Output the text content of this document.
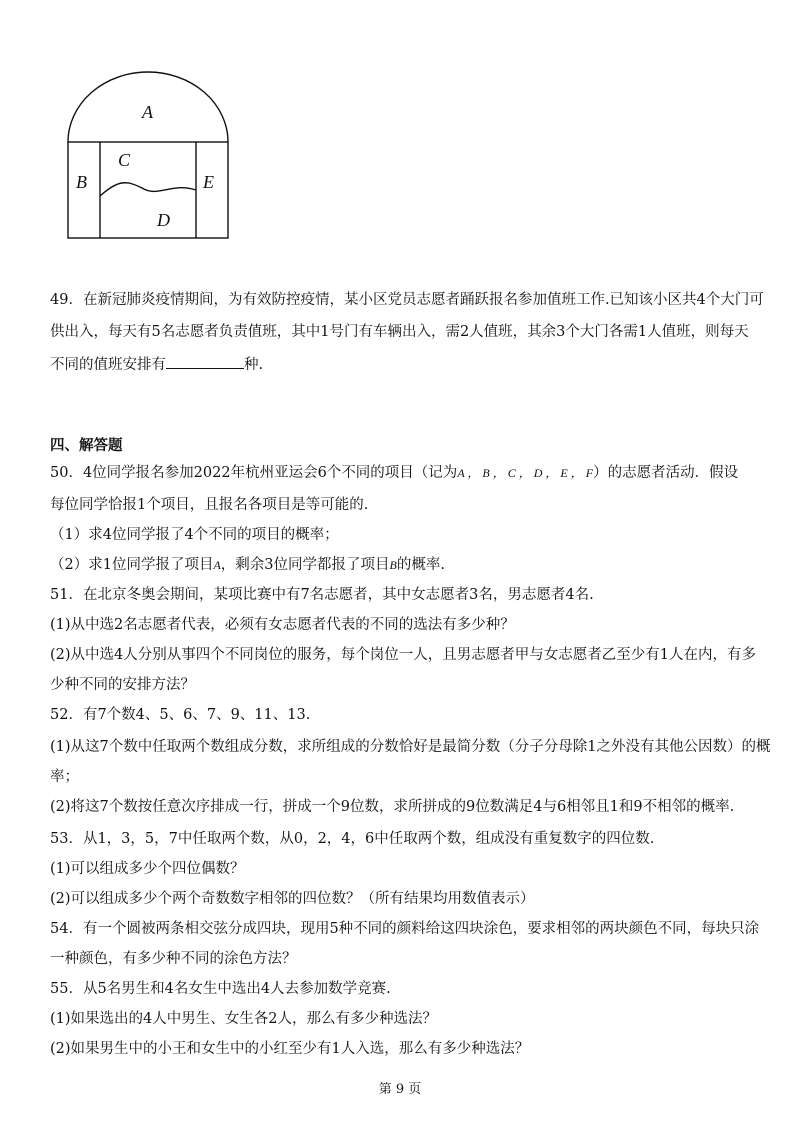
A
B
C
D
E
49．在新冠肺炎疫情期间，为有效防控疫情，某小区党员志愿者踊跃报名参加值班工作.已知该小区共4个大门可
供出入，每天有5名志愿者负责值班，其中1号门有车辆出入，需2人值班，其余3个大门各需1人值班，则每天
不同的值班安排有	种.
四、解答题
50．4位同学报名参加2022年杭州亚运会6个不同的项目（记为A ， B ， C ， D ， E ， F）的志愿者活动．假设
每位同学恰报1个项目，且报名各项目是等可能的.
（1）求4位同学报了4个不同的项目的概率；
（2）求1位同学报了项目A，剩余3位同学都报了项目B的概率.
51．在北京冬奥会期间，某项比赛中有7名志愿者，其中女志愿者3名，男志愿者4名.
(1)从中选2名志愿者代表，必须有女志愿者代表的不同的选法有多少种？
(2)从中选4人分别从事四个不同岗位的服务，每个岗位一人，且男志愿者甲与女志愿者乙至少有1人在内，有多
少种不同的安排方法？
52．有7个数4、5、6、7、9、11、13.
(1)从这7个数中任取两个数组成分数，求所组成的分数恰好是最简分数（分子分母除1之外没有其他公因数）的概
率；
(2)将这7个数按任意次序排成一行，拼成一个9位数，求所拼成的9位数满足4与6相邻且1和9不相邻的概率.
53．从1，3，5，7中任取两个数，从0，2，4，6中任取两个数，组成没有重复数字的四位数.
(1)可以组成多少个四位偶数？
(2)可以组成多少个两个奇数数字相邻的四位数？（所有结果均用数值表示）
54．有一个圆被两条相交弦分成四块，现用5种不同的颜料给这四块涂色，要求相邻的两块颜色不同，每块只涂
一种颜色，有多少种不同的涂色方法？
55．从5名男生和4名女生中选出4人去参加数学竞赛.
(1)如果选出的4人中男生、女生各2人，那么有多少种选法？
(2)如果男生中的小王和女生中的小红至少有1人入选，那么有多少种选法？
第 9 页
